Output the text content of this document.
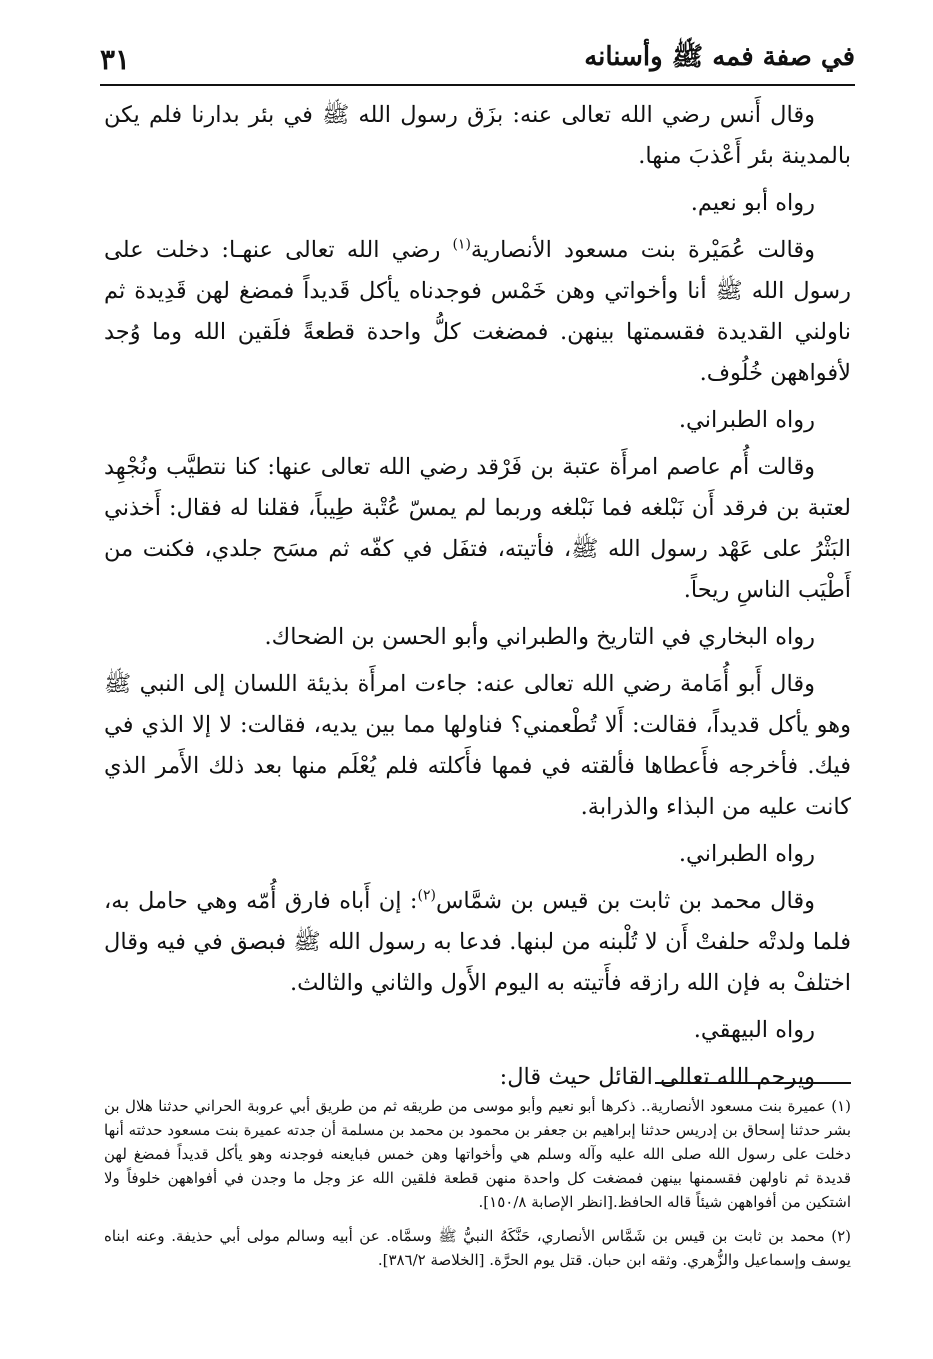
في صفة فمه ﷺ وأسنانه
٣١

وقال أَنس رضي الله تعالى عنه: بزَق رسول الله ﷺ في بئر بدارنا فلم يكن بالمدينة بئر أَعْذبَ منها.

رواه أبو نعيم.

وقالت عُمَيْرة بنت مسعود الأنصارية$^{(١)}$ رضي الله تعالى عنهـا: دخلت على رسول الله ﷺ أنا وأخواتي وهن خَمْس فوجدناه يأكل قَديداً فمضغ لهن قَدِيدة ثم ناولني القديدة فقسمتها بينهن. فمضغت كلُّ واحدة قطعةً فلَقين الله وما وُجد لأفواههن خُلُوف.

رواه الطبراني.

وقالت أُم عاصم امرأَة عتبة بن فَرْقد رضي الله تعالى عنها: كنا نتطيَّب ونُجْهِد لعتبة بن فرقد أَن نَبْلغه فما نَبْلغه وربما لم يمسّ عُتْبة طِيباً، فقلنا له فقال: أَخذني البَثْرُ على عَهْد رسول الله ﷺ، فأتيته، فتفَل في كفّه ثم مسَح جلدي، فكنت من أَطْيَب الناسِ ريحاً.

رواه البخاري في التاريخ والطبراني وأبو الحسن بن الضحاك.

وقال أَبو أُمَامة رضي الله تعالى عنه: جاءت امرأَة بذيئة اللسان إلى النبي ﷺ وهو يأكل قديداً، فقالت: أَلا تُطْعمني؟ فناولها مما بين يديه، فقالت: لا إلا الذي في فيك. فأخرجه فأَعطاها فألقته في فمها فأَكلته فلم يُعْلَم منها بعد ذلك الأَمر الذي كانت عليه من البذاء والذرابة.

رواه الطبراني.

وقال محمد بن ثابت بن قيس بن شمَّاس$^{(٢)}$: إن أَباه فارق أُمّه وهي حامل به، فلما ولدتْه حلفتْ أَن لا تُلْبنه من لبنها. فدعا به رسول الله ﷺ فبصق في فيه وقال اختلفْ به فإن الله رازقه فأَتيته به اليوم الأَول والثاني والثالث.

رواه البيهقي.

ويرحم الله تعالى القائل حيث قال:

(١) عميرة بنت مسعود الأنصارية.. ذكرها أبو نعيم وأبو موسى من طريقه ثم من طريق أبي عروبة الحراني حدثنا هلال بن بشر حدثنا إسحاق بن إدريس حدثنا إبراهيم بن جعفر بن محمود بن محمد بن مسلمة أن جدته عميرة بنت مسعود حدثته أنها دخلت على رسول الله صلى الله عليه وآله وسلم هي وأخواتها وهن خمس فبايعنه فوجدنه وهو يأكل قديداً فمضغ لهن قديدة ثم ناولهن فقسمنها بينهن فمضغت كل واحدة منهن قطعة فلقين الله عز وجل ما وجدن في أفواههن خلوفاً ولا اشتكين من أفواههن شيئاً قاله الحافظ.[انظر الإصابة ١٥٠/٨].

(٢) محمد بن ثابت بن قيس بن شَمَّاس الأنصاري، حَنَّكَهُ النبيُّ ﷺ وسمَّاه. عن أبيه وسالم مولى أبي حذيفة. وعنه ابناه يوسف وإسماعيل والزُّهري. وثقه ابن حبان. قتل يوم الحرَّة. [الخلاصة ٣٨٦/٢].
